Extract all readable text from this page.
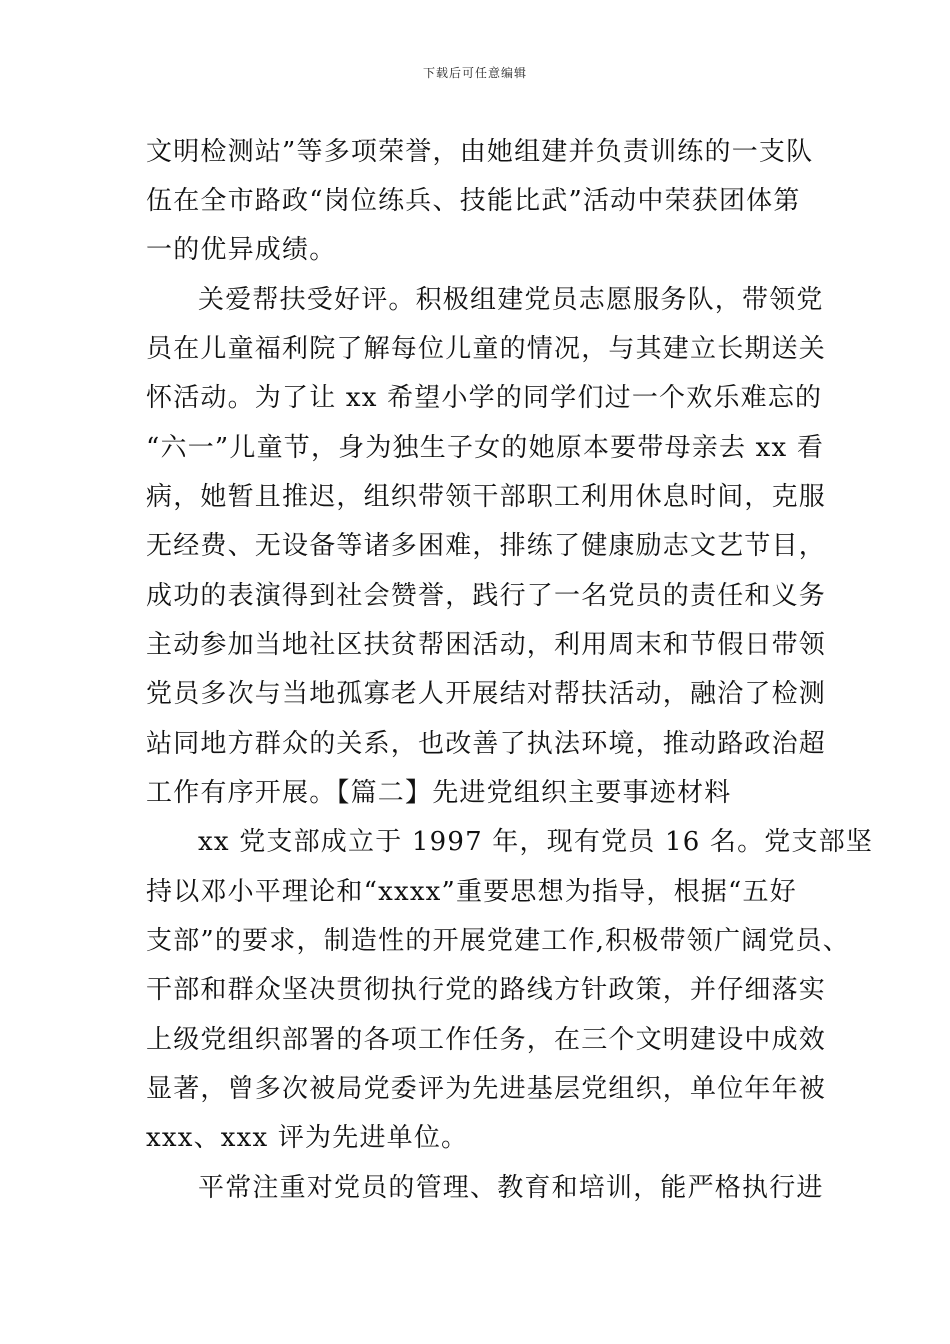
下载后可任意编辑

文明检测站”等多项荣誉，由她组建并负责训练的一支队

伍在全市路政“岗位练兵、技能比武”活动中荣获团体第

一的优异成绩。

关爱帮扶受好评。积极组建党员志愿服务队，带领党

员在儿童福利院了解每位儿童的情况，与其建立长期送关

怀活动。为了让 xx 希望小学的同学们过一个欢乐难忘的

“六一”儿童节，身为独生子女的她原本要带母亲去 xx 看

病，她暂且推迟，组织带领干部职工利用休息时间，克服

无经费、无设备等诸多困难，排练了健康励志文艺节目，

成功的表演得到社会赞誉，践行了一名党员的责任和义务

主动参加当地社区扶贫帮困活动，利用周末和节假日带领

党员多次与当地孤寡老人开展结对帮扶活动，融洽了检测

站同地方群众的关系，也改善了执法环境，推动路政治超

工作有序开展。【篇二】先进党组织主要事迹材料

xx 党支部成立于 1997 年，现有党员 16 名。党支部坚

持以邓小平理论和“xxxx”重要思想为指导，根据“五好

支部”的要求，制造性的开展党建工作,积极带领广阔党员、

干部和群众坚决贯彻执行党的路线方针政策，并仔细落实

上级党组织部署的各项工作任务，在三个文明建设中成效

显著，曾多次被局党委评为先进基层党组织，单位年年被

xxx、xxx 评为先进单位。

平常注重对党员的管理、教育和培训，能严格执行进
